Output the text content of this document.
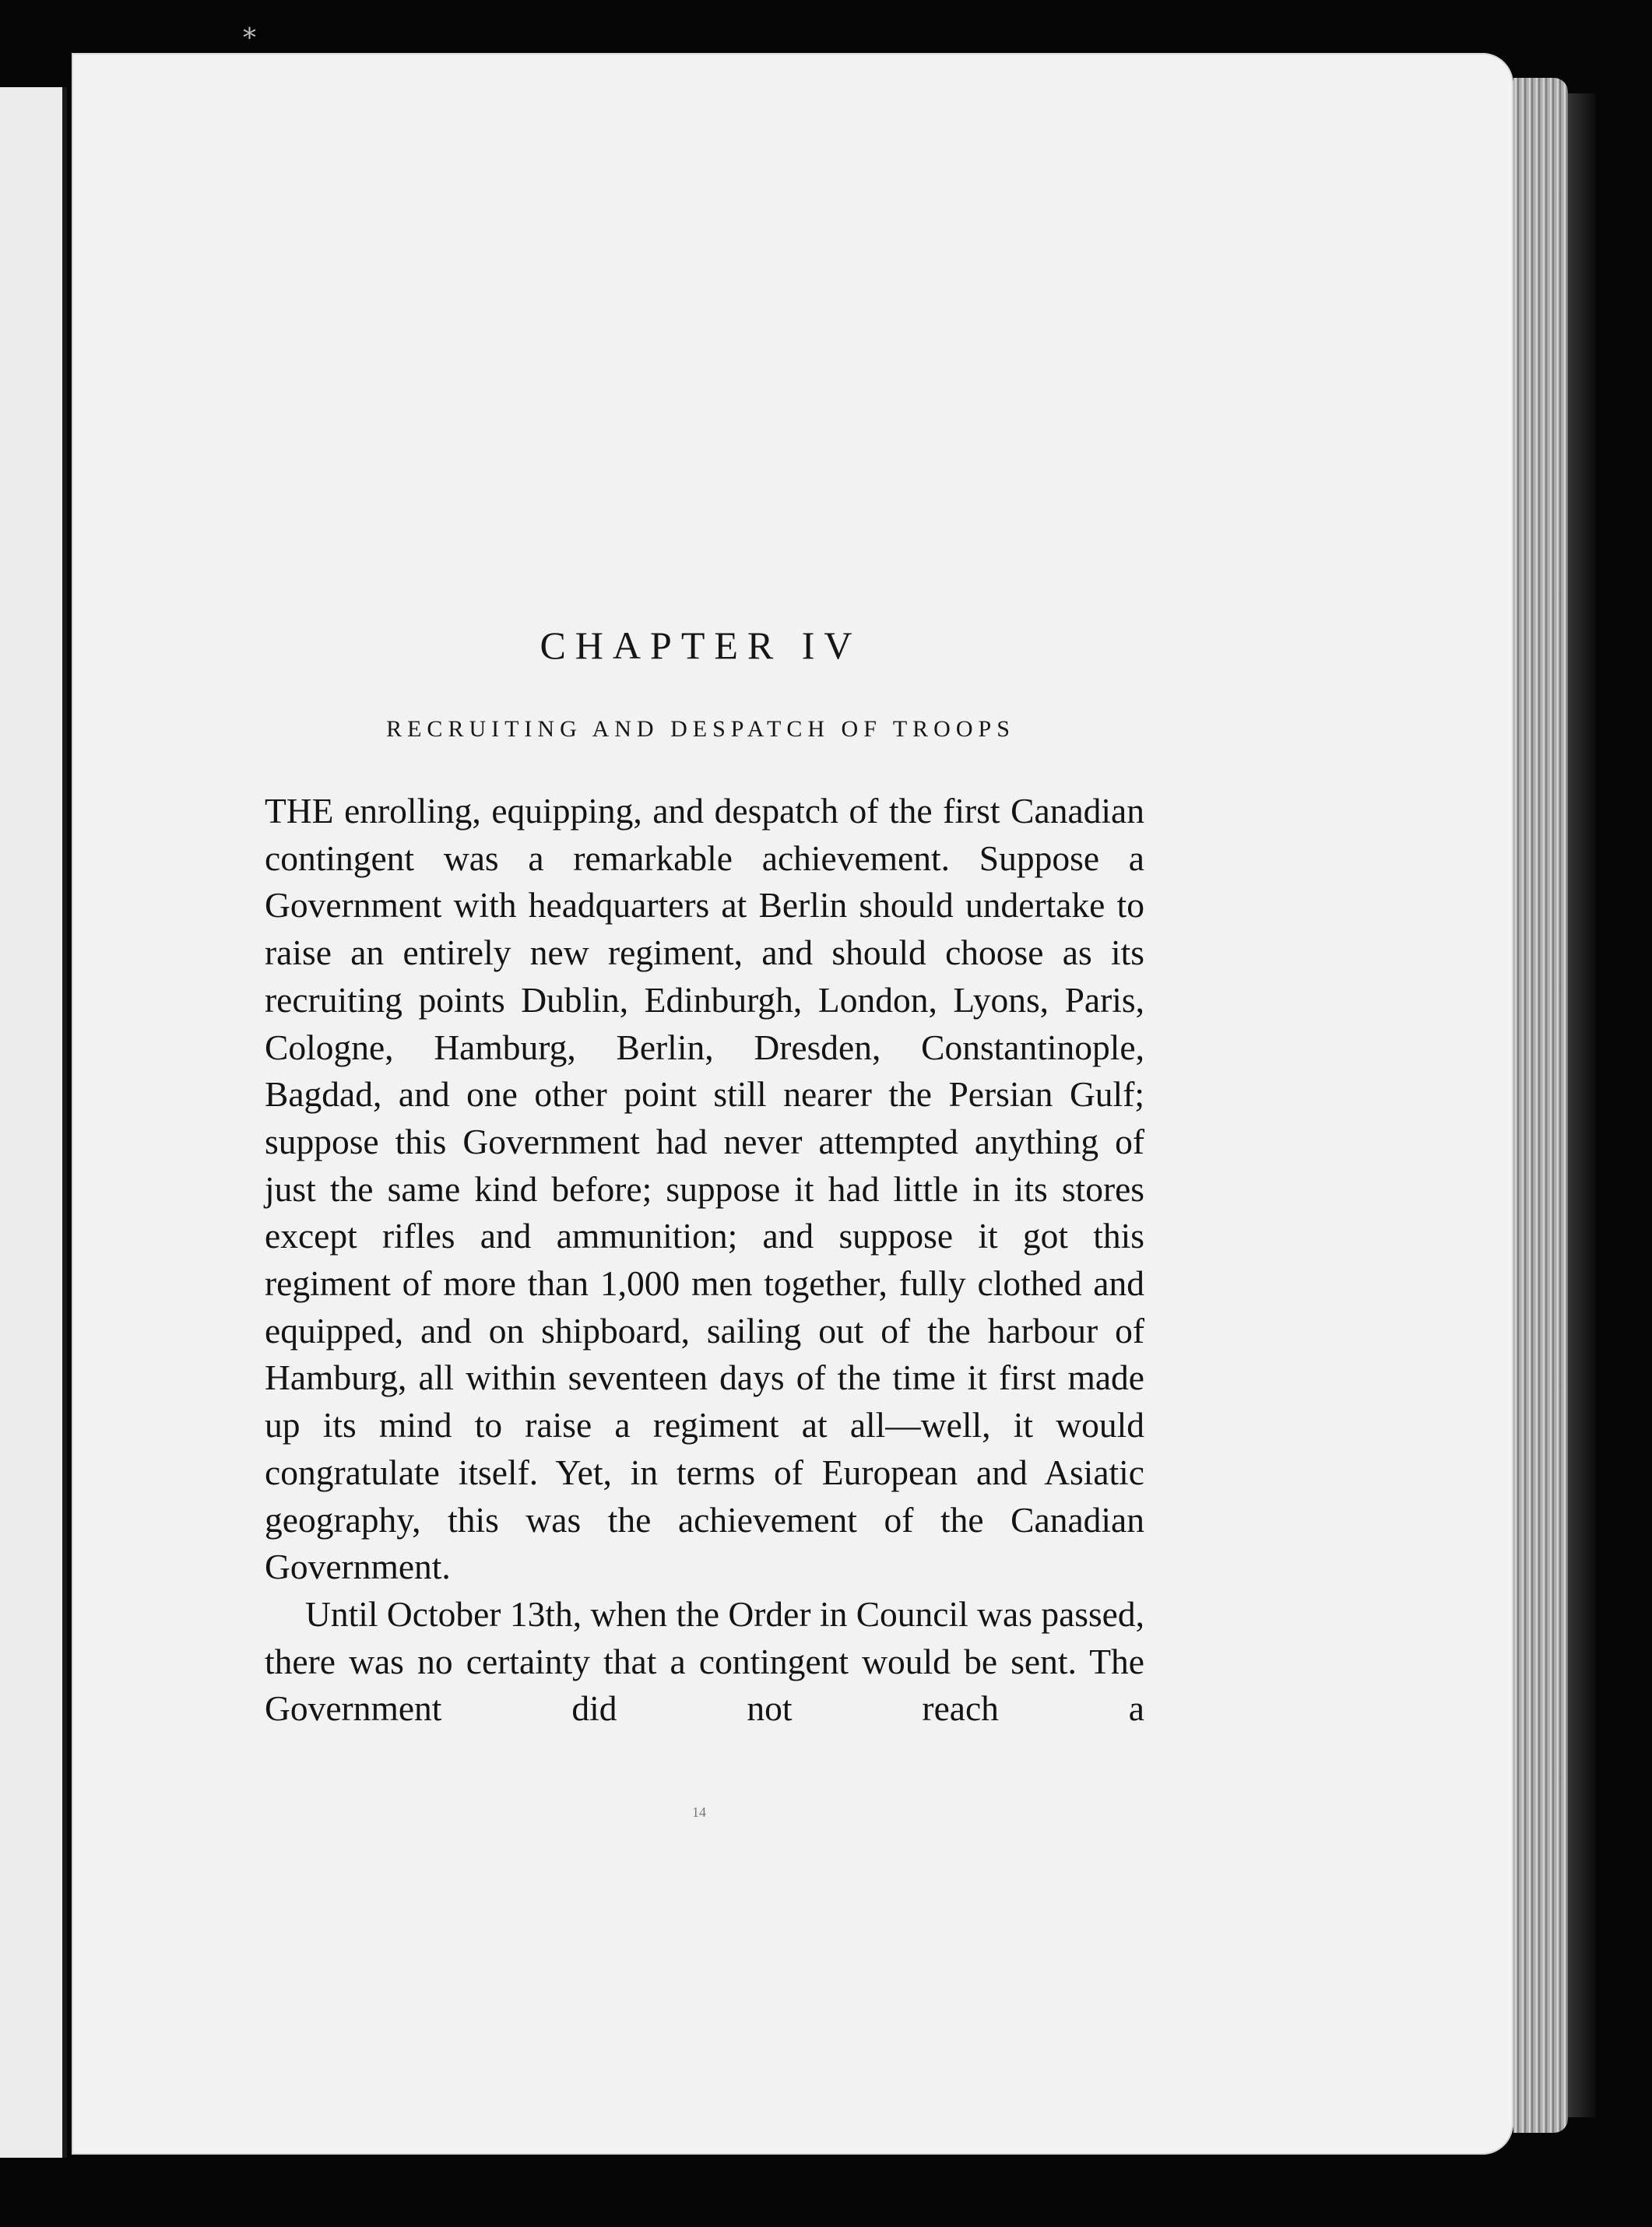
⁎
CHAPTER IV
RECRUITING AND DESPATCH OF TROOPS

THE enrolling, equipping, and despatch of the first Canadian contingent was a remarkable achievement. Suppose a Government with headquarters at Berlin should undertake to raise an entirely new regiment, and should choose as its recruiting points Dublin, Edinburgh, London, Lyons, Paris, Cologne, Hamburg, Berlin, Dresden, Constantinople, Bagdad, and one other point still nearer the Persian Gulf; suppose this Government had never attempted anything of just the same kind before; suppose it had little in its stores except rifles and ammunition; and suppose it got this regiment of more than 1,000 men together, fully clothed and equipped, and on shipboard, sailing out of the harbour of Hamburg, all within seventeen days of the time it first made up its mind to raise a regiment at all—well, it would congratulate itself. Yet, in terms of European and Asiatic geography, this was the achievement of the Canadian Government.

Until October 13th, when the Order in Council was passed, there was no certainty that a contingent would be sent. The Government did not reach a

14
